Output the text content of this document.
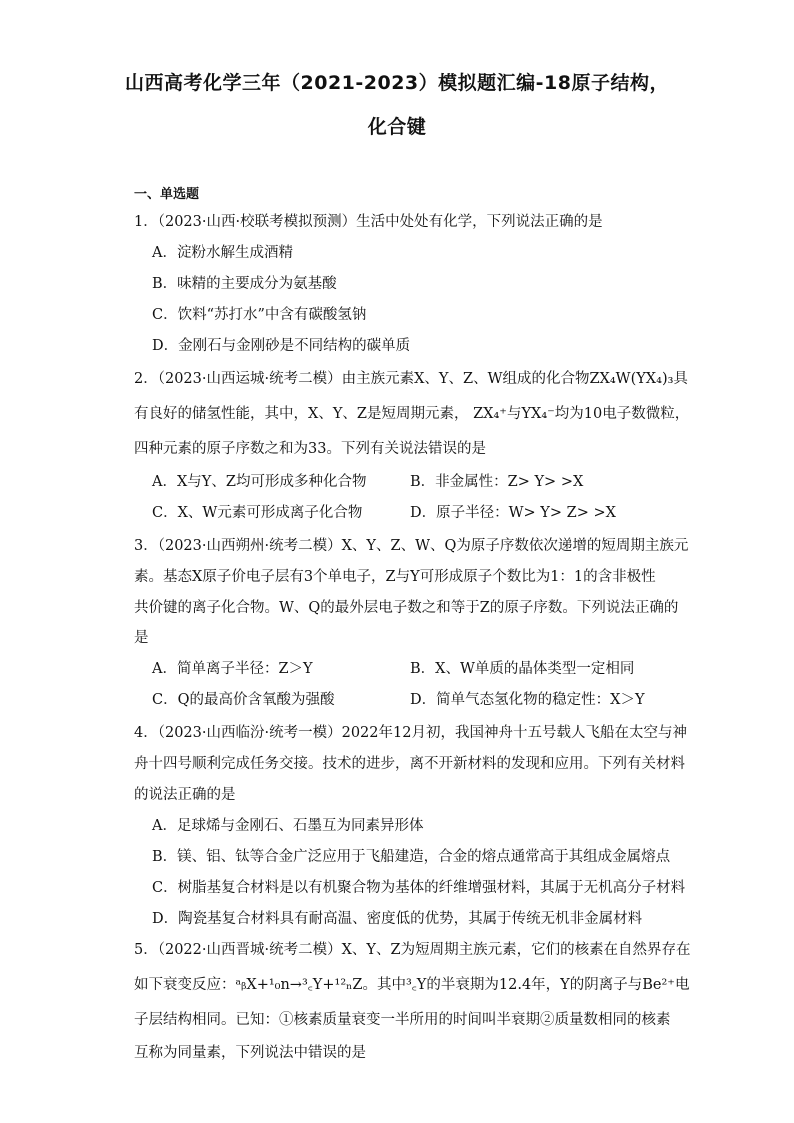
山西高考化学三年（2021-2023）模拟题汇编-18原子结构，
化合键
一、单选题
1．（2023·山西·校联考模拟预测）生活中处处有化学，下列说法正确的是
A．淀粉水解生成酒精
B．味精的主要成分为氨基酸
C．饮料“苏打水”中含有碳酸氢钠
D．金刚石与金刚砂是不同结构的碳单质
2．（2023·山西运城·统考二模）由主族元素X、Y、Z、W组成的化合物ZX₄W(YX₄)₃具
有良好的储氢性能，其中，X、Y、Z是短周期元素， ZX₄⁺与YX₄⁻均为10电子数微粒，
四种元素的原子序数之和为33。下列有关说法错误的是
A．X与Y、Z均可形成多种化合物	B．非金属性：Z> Y> >X
C．X、W元素可形成离子化合物	D．原子半径：W> Y> Z> >X
3．（2023·山西朔州·统考二模）X、Y、Z、W、Q为原子序数依次递增的短周期主族元
素。基态X原子价电子层有3个单电子，Z与Y可形成原子个数比为1：1的含非极性
共价键的离子化合物。W、Q的最外层电子数之和等于Z的原子序数。下列说法正确的
是
A．简单离子半径：Z＞Y	B．X、W单质的晶体类型一定相同
C．Q的最高价含氧酸为强酸	D．简单气态氢化物的稳定性：X＞Y
4．（2023·山西临汾·统考一模）2022年12月初，我国神舟十五号载人飞船在太空与神
舟十四号顺利完成任务交接。技术的进步，离不开新材料的发现和应用。下列有关材料
的说法正确的是
A．足球烯与金刚石、石墨互为同素异形体
B．镁、铝、钛等合金广泛应用于飞船建造，合金的熔点通常高于其组成金属熔点
C．树脂基复合材料是以有机聚合物为基体的纤维增强材料，其属于无机高分子材料
D．陶瓷基复合材料具有耐高温、密度低的优势，其属于传统无机非金属材料
5．（2022·山西晋城·统考二模）X、Y、Z为短周期主族元素，它们的核素在自然界存在
如下衰变反应：ᵃᵦX+¹₀n→³꜀Y+¹²ₙZ。其中³꜀Y的半衰期为12.4年，Y的阴离子与Be²⁺电
子层结构相同。已知：①核素质量衰变一半所用的时间叫半衰期②质量数相同的核素
互称为同量素，下列说法中错误的是
